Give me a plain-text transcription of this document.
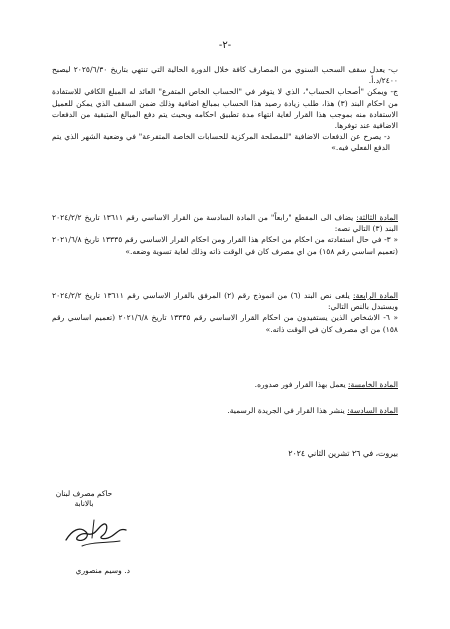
-٢-

ب- يعدل سقف السحب السنوي من المصارف كافة خلال الدورة الحالية التي تنتهي بتاريخ ٢٠٢٥/٦/٣٠ ليصبح ٢٤٠٠/د.أ.

ج- ويمكن "أصحاب الحساب"، الذي لا يتوفر في "الحساب الخاص المتفرع" العائد له المبلغ الكافي للاستفادة من احكام البند (٣) هذا، طلب زيادة رصيد هذا الحساب بمبالغ اضافية وذلك ضمن السقف الذي يمكن للعميل الاستفادة منه بموجب هذا القرار لغاية انتهاء مدة تطبيق احكامه وبحيث يتم دفع المبالغ المتبقية من الدفعات الاضافية عند توفرها.

د- يصرح عن الدفعات الاضافية "للمصلحة المركزية للحسابات الخاصة المتفرعة" في وضعية الشهر الذي يتم الدفع الفعلي فيه.»

المادة الثالثة: يضاف الى المقطع "رابعاً" من المادة السادسة من القرار الاساسي رقم ١٣٦١١ تاريخ ٢٠٢٤/٢/٢ البند (٣) التالي نصه:

« ٣- في حال استفادته من احكام من احكام هذا القرار ومن احكام القرار الاساسي رقم ١٣٣٣٥ تاريخ ٢٠٢١/٦/٨ (تعميم اساسي رقم ١٥٨) من اي مصرف كان في الوقت ذاته وذلك لغاية تسوية وضعه.»

المادة الرابعة: يلغى نص البند (٦) من انموذج رقم (٢) المرفق بالقرار الاساسي رقم ١٣٦١١ تاريخ ٢٠٢٤/٢/٢ ويستبدل بالنص التالي:

« ٦- الاشخاص الذين يستفيدون من احكام القرار الاساسي رقم ١٣٣٣٥ تاريخ ٢٠٢١/٦/٨ (تعميم اساسي رقم ١٥٨) من اي مصرف كان في الوقت ذاته.»

المادة الخامسة: يعمل بهذا القرار فور صدوره.

المادة السادسة: ينشر هذا القرار في الجريدة الرسمية.

بيروت، في ٢٦ تشرين الثاني ٢٠٢٤
حاكم مصرف لبنان
بالانابة
د. وسيم منصوري
